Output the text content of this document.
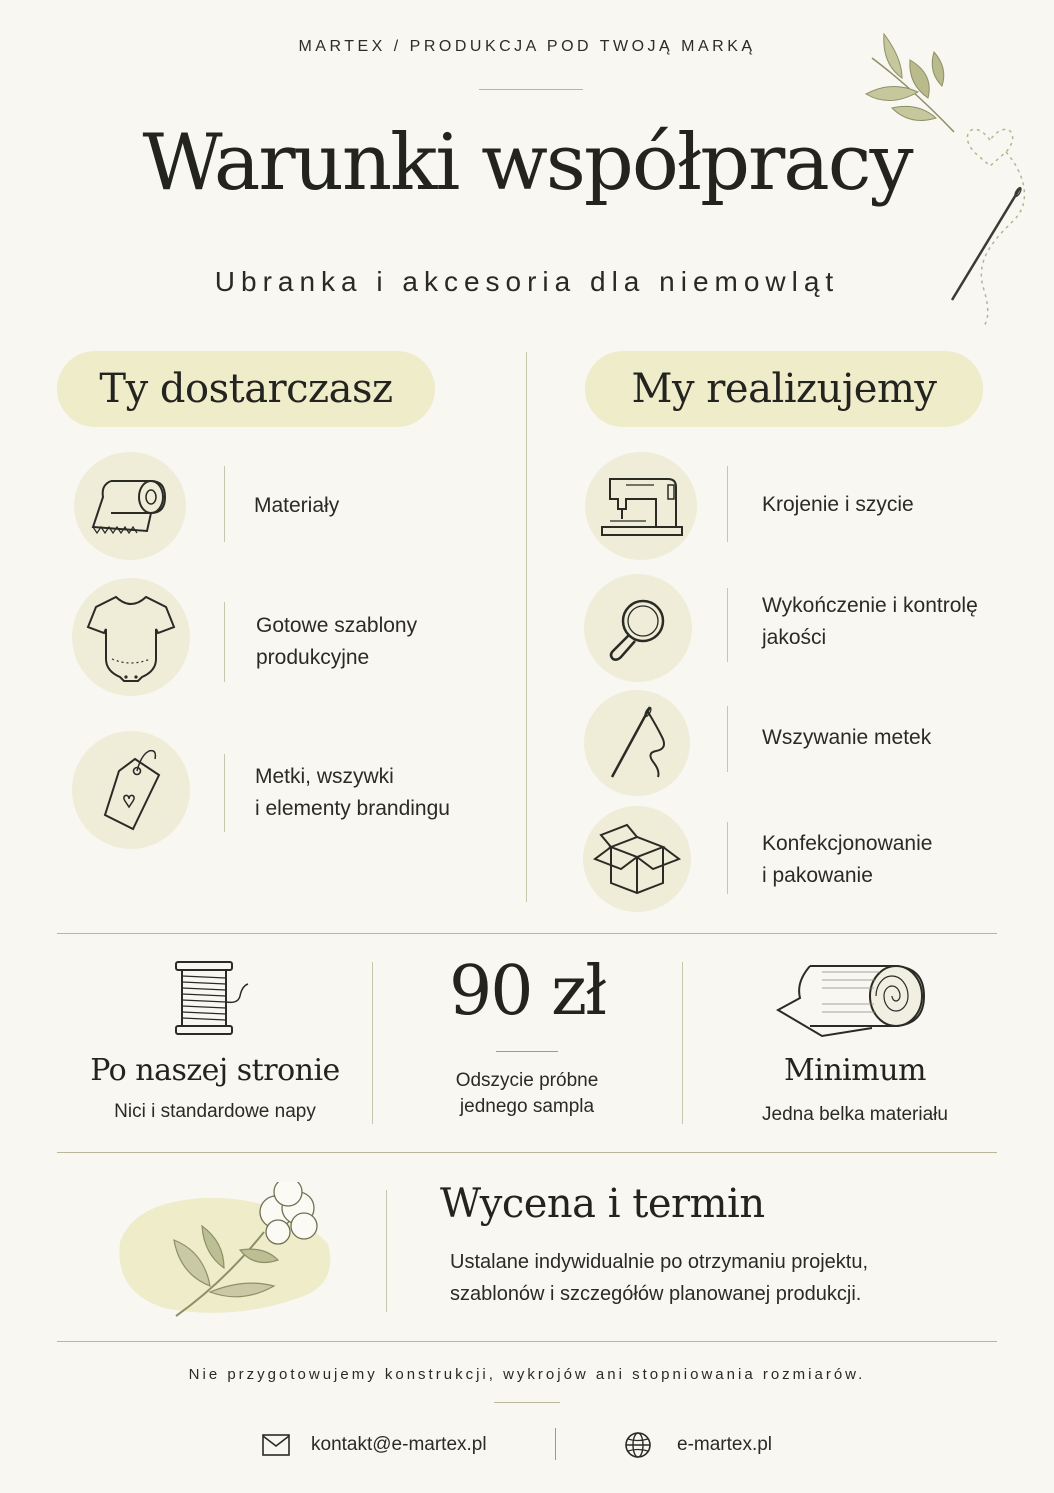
MARTEX / PRODUKCJA POD TWOJĄ MARKĄ
Warunki współpracy
Ubranka i akcesoria dla niemowląt
Ty dostarczasz	My realizujemy
Materiały
Gotowe szablony
produkcyjne
Metki, wszywki
i elementy brandingu
Krojenie i szycie
Wykończenie i kontrolę
jakości
Wszywanie metek
Konfekcjonowanie
i pakowanie
Po naszej stronie
Nici i standardowe napy
90 zł
Odszycie próbne
jednego sampla
Minimum
Jedna belka materiału
Wycena i termin
Ustalane indywidualnie po otrzymaniu projektu,
szablonów i szczegółów planowanej produkcji.
Nie przygotowujemy konstrukcji, wykrojów ani stopniowania rozmiarów.
kontakt@e-martex.pl	e-martex.pl
